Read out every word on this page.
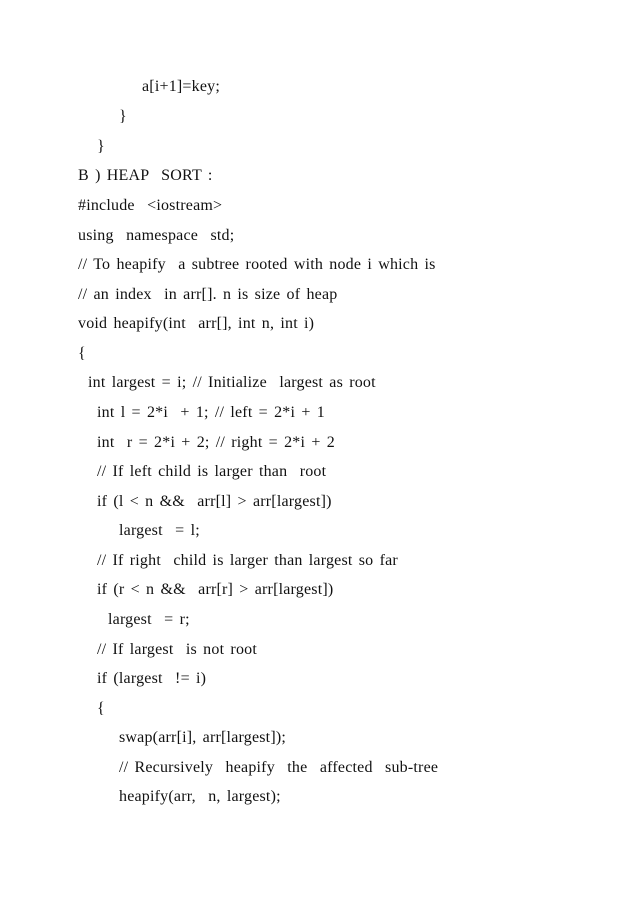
a[i+1]=key;
}
}
B ) HEAP  SORT :
#include  <iostream>
using  namespace  std;
// To heapify  a subtree rooted with node i which is
// an index  in arr[]. n is size of heap
void heapify(int  arr[], int n, int i)
{
int largest = i; // Initialize  largest as root
int l = 2*i  + 1; // left = 2*i + 1
int  r = 2*i + 2; // right = 2*i + 2
// If left child is larger than  root
if (l < n &&  arr[l] > arr[largest])
largest  = l;
// If right  child is larger than largest so far
if (r < n &&  arr[r] > arr[largest])
largest  = r;
// If largest  is not root
if (largest  != i)
{
swap(arr[i], arr[largest]);
// Recursively  heapify  the  affected  sub-tree
heapify(arr,  n, largest);
